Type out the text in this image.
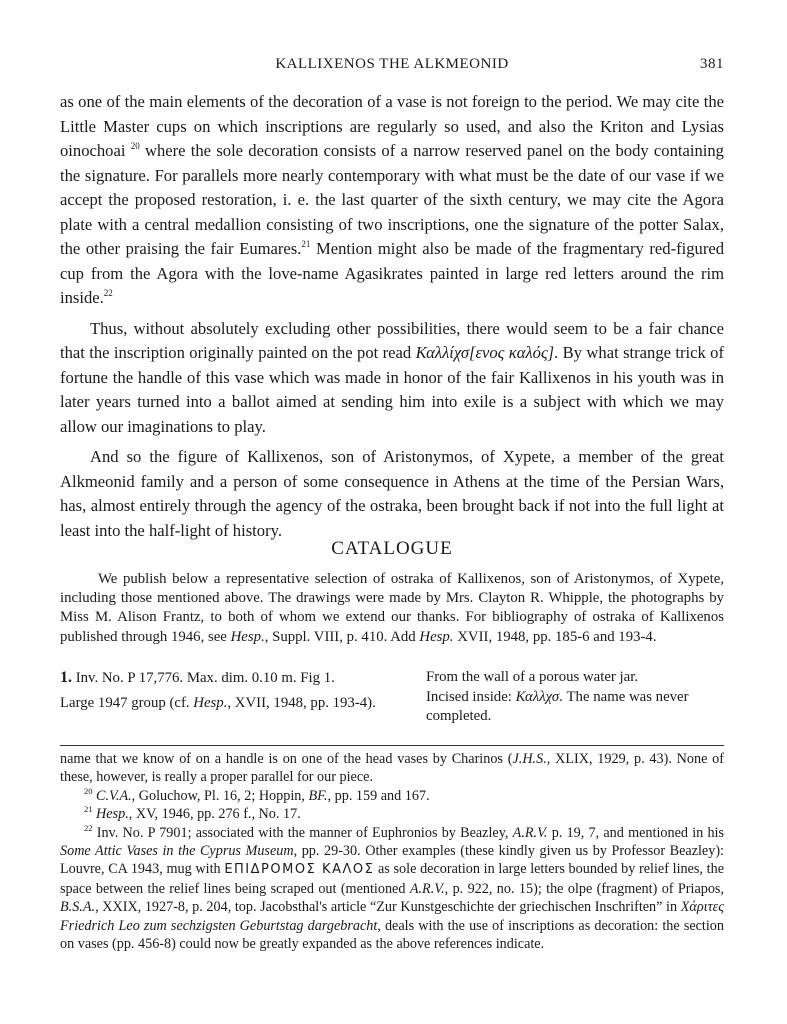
KALLIXENOS THE ALKMEONID	381

as one of the main elements of the decoration of a vase is not foreign to the period. We may cite the Little Master cups on which inscriptions are regularly so used, and also the Kriton and Lysias oinochoai $^{20}$ where the sole decoration consists of a narrow reserved panel on the body containing the signature. For parallels more nearly contemporary with what must be the date of our vase if we accept the proposed restoration, i. e. the last quarter of the sixth century, we may cite the Agora plate with a central medallion consisting of two inscriptions, one the signature of the potter Salax, the other praising the fair Eumares.$^{21}$ Mention might also be made of the fragmentary red-figured cup from the Agora with the love-name Agasikrates painted in large red letters around the rim inside.$^{22}$

Thus, without absolutely excluding other possibilities, there would seem to be a fair chance that the inscription originally painted on the pot read Καλλίχσ[ενος καλός]. By what strange trick of fortune the handle of this vase which was made in honor of the fair Kallixenos in his youth was in later years turned into a ballot aimed at sending him into exile is a subject with which we may allow our imaginations to play.

And so the figure of Kallixenos, son of Aristonymos, of Xypete, a member of the great Alkmeonid family and a person of some consequence in Athens at the time of the Persian Wars, has, almost entirely through the agency of the ostraka, been brought back if not into the full light at least into the half-light of history.

CATALOGUE

We publish below a representative selection of ostraka of Kallixenos, son of Aristonymos, of Xypete, including those mentioned above. The drawings were made by Mrs. Clayton R. Whipple, the photographs by Miss M. Alison Frantz, to both of whom we extend our thanks. For bibliography of ostraka of Kallixenos published through 1946, see Hesp., Suppl. VIII, p. 410. Add Hesp. XVII, 1948, pp. 185-6 and 193-4.

1. Inv. No. P 17,776. Max. dim. 0.10 m. Fig 1.
Large 1947 group (cf. Hesp., XVII, 1948, pp. 193-4).
From the wall of a porous water jar.
Incised inside: Καλλχσ. The name was never completed.

name that we know of on a handle is on one of the head vases by Charinos (J.H.S., XLIX, 1929, p. 43). None of these, however, is really a proper parallel for our piece.

$^{20}$ C.V.A., Goluchow, Pl. 16, 2; Hoppin, BF., pp. 159 and 167.

$^{21}$ Hesp., XV, 1946, pp. 276 f., No. 17.

$^{22}$ Inv. No. P 7901; associated with the manner of Euphronios by Beazley, A.R.V. p. 19, 7, and mentioned in his Some Attic Vases in the Cyprus Museum, pp. 29-30. Other examples (these kindly given us by Professor Beazley): Louvre, CA 1943, mug with ΕΠΙΔΡΟΜΟΣ ΚΑΛΟΣ as sole decoration in large letters bounded by relief lines, the space between the relief lines being scraped out (mentioned A.R.V., p. 922, no. 15); the olpe (fragment) of Priapos, B.S.A., XXIX, 1927-8, p. 204, top. Jacobsthal's article “Zur Kunstgeschichte der griechischen Inschriften” in Χάριτες Friedrich Leo zum sechzigsten Geburtstag dargebracht, deals with the use of inscriptions as decoration: the section on vases (pp. 456-8) could now be greatly expanded as the above references indicate.
